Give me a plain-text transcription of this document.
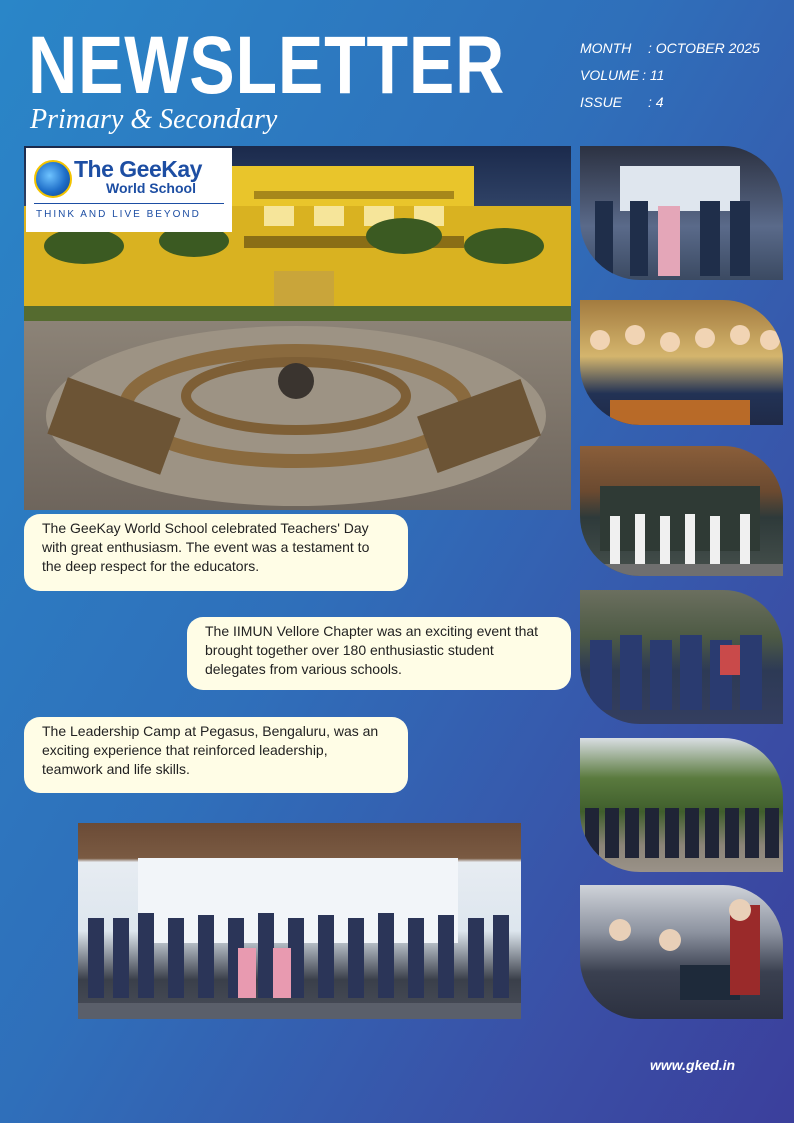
NEWSLETTER
Primary & Secondary
MONTH : OCTOBER 2025
VOLUME : 11
ISSUE : 4
The GeeKay
World School
THINK AND LIVE BEYOND
The GeeKay World School celebrated Teachers' Day with great enthusiasm. The event was a testament to the deep respect for the educators.
The IIMUN Vellore Chapter was an exciting event that brought together over 180 enthusiastic student delegates from various schools.
The Leadership Camp at Pegasus, Bengaluru, was an exciting experience that reinforced leadership, teamwork and life skills.
www.gked.in
